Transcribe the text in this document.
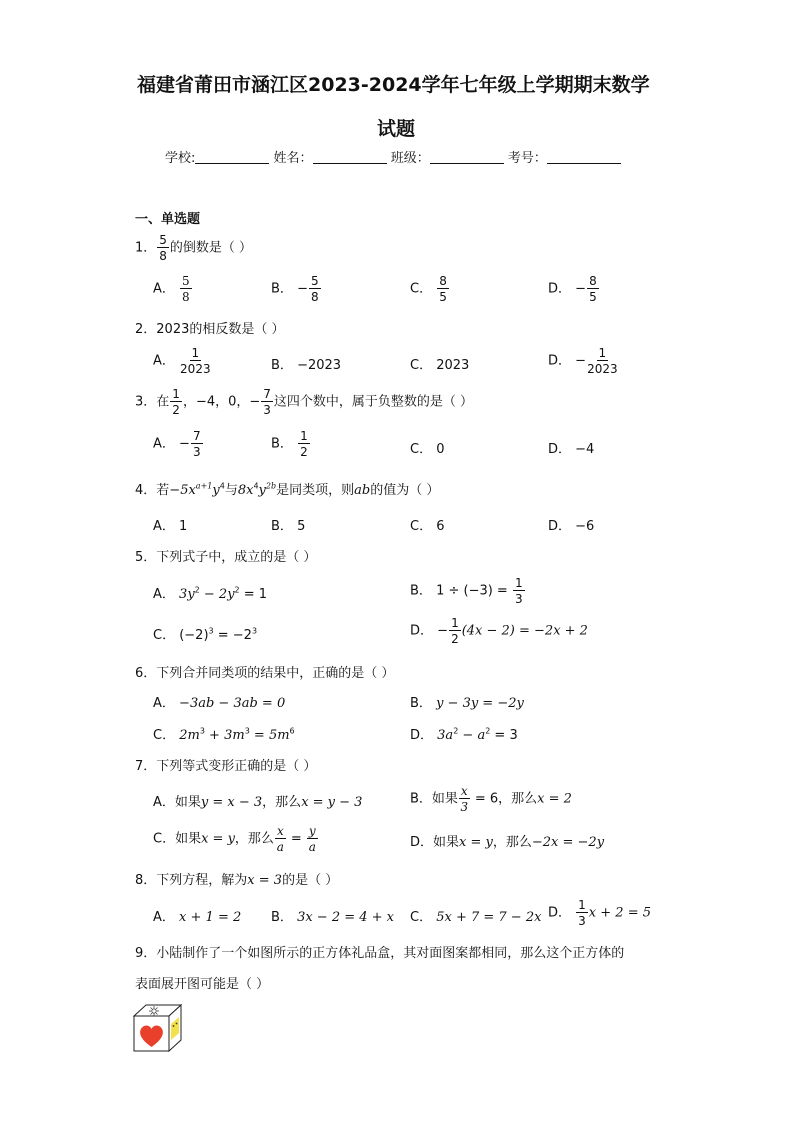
福建省莆田市涵江区2023-2024学年七年级上学期期末数学
试题
学校:	姓名：	班级：	考号：
一、单选题
1． $\frac{5}{8}$ 的倒数是（ ）
A． $\frac{5}{8}$	B． − $\frac{5}{8}$	C． $\frac{8}{5}$	D． − $\frac{8}{5}$
2．2023的相反数是（ ）
A． $\frac{1}{2023}$	B． −2023	C． 2023	D． − $\frac{1}{2023}$
3．在 $\frac{1}{2}$ ，−4，0，− $\frac{7}{3}$ 这四个数中，属于负整数的是（ ）
A． − $\frac{7}{3}$	B． $\frac{1}{2}$	C． 0	D． −4
4．若$-5x^{a+1}y^4$与$8x^4y^{2b}$是同类项，则ab的值为（ ）
A． 1	B． 5	C． 6	D． −6
5．下列式子中，成立的是（ ）
A． $3y^2 - 2y^2 = 1$	B． $1 \div (-3) = \frac{1}{3}$
C． $(-2)^3 = -2^3$	D． − $\frac{1}{2} (4x - 2) = -2x + 2$
6．下列合并同类项的结果中，正确的是（ ）
A． −3ab − 3ab = 0	B． y − 3y = −2y
C． $2m^3 + 3m^3 = 5m^6$	D． $3a^2 - a^2 = 3$
7．下列等式变形正确的是（ ）
A．如果y = x − 3，那么x = y − 3	B．如果 $\frac{x}{3} = 6$，那么x = 2
C．如果x = y，那么 $\frac{x}{a} = \frac{y}{a}$	D．如果x = y，那么−2x = −2y
8．下列方程，解为x = 3的是（ ）
A． x + 1 = 2 B． 3x − 2 = 4 + x C． 5x + 7 = 7 − 2x D． $\frac{1}{3}$ x + 2 = 5
9．小陆制作了一个如图所示的正方体礼品盒，其对面图案都相同，那么这个正方体的
表面展开图可能是（ ）
